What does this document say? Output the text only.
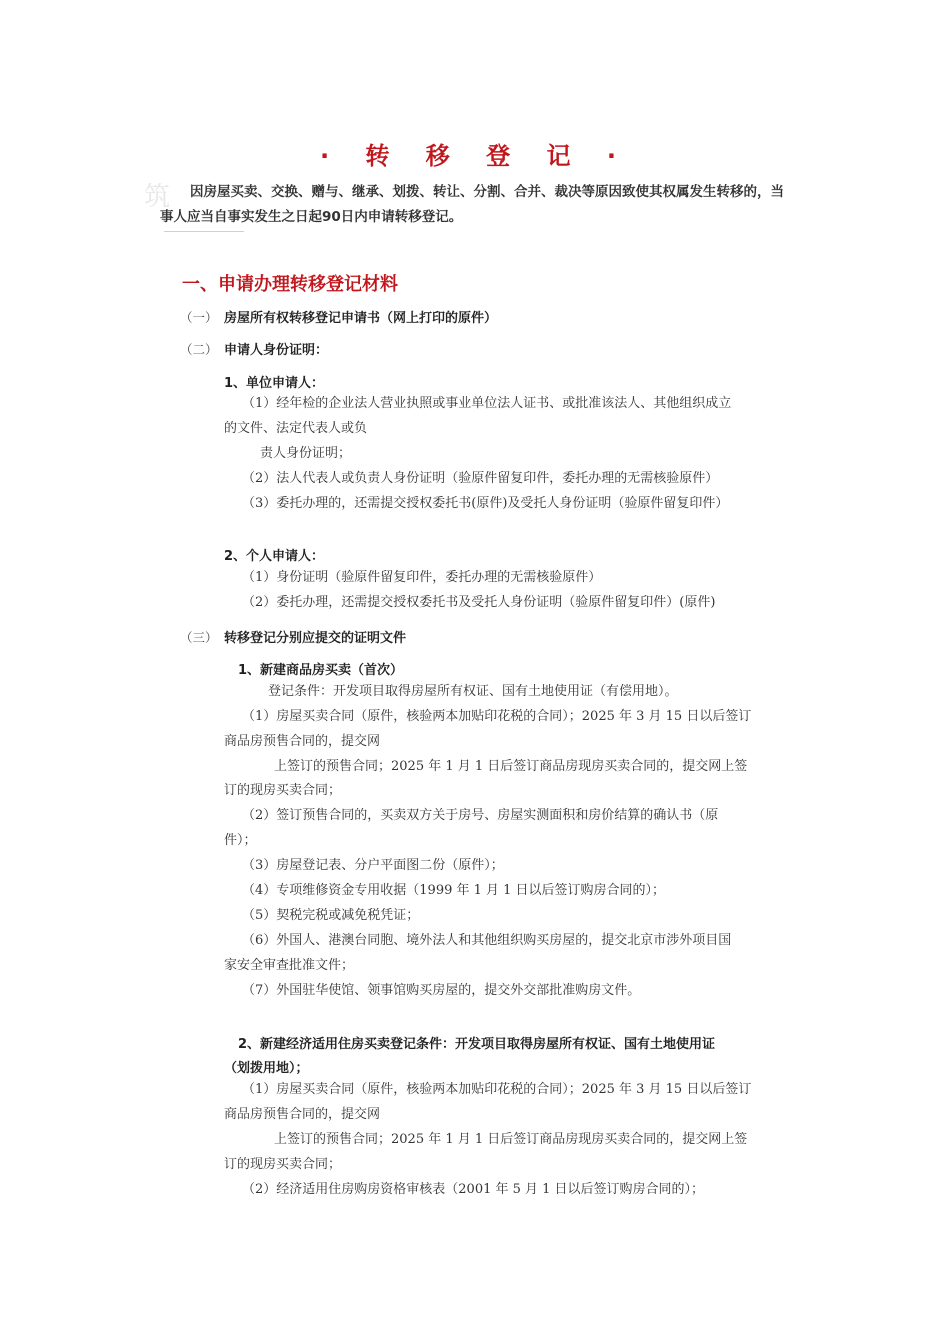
筑
· 转 移 登 记 ·

因房屋买卖、交换、赠与、继承、划拨、转让、分割、合并、裁决等原因致使其权属发生转移的，当事人应当自事实发生之日起90日内申请转移登记。

一、申请办理转移登记材料
（一） 房屋所有权转移登记申请书（网上打印的原件）
（二） 申请人身份证明：
1、单位申请人：
（1）经年检的企业法人营业执照或事业单位法人证书、或批准该法人、其他组织成立
的文件、法定代表人或负
责人身份证明；
（2）法人代表人或负责人身份证明（验原件留复印件，委托办理的无需核验原件）
（3）委托办理的，还需提交授权委托书(原件)及受托人身份证明（验原件留复印件）
2、个人申请人：
（1）身份证明（验原件留复印件，委托办理的无需核验原件）
（2）委托办理，还需提交授权委托书及受托人身份证明（验原件留复印件）(原件)
（三） 转移登记分别应提交的证明文件
1、新建商品房买卖（首次）
登记条件：开发项目取得房屋所有权证、国有土地使用证（有偿用地）。
（1）房屋买卖合同（原件，核验两本加贴印花税的合同）；2025 年 3 月 15 日以后签订
商品房预售合同的，提交网
上签订的预售合同；2025 年 1 月 1 日后签订商品房现房买卖合同的，提交网上签
订的现房买卖合同；
（2）签订预售合同的，买卖双方关于房号、房屋实测面积和房价结算的确认书（原
件）；
（3）房屋登记表、分户平面图二份（原件）；
（4）专项维修资金专用收据（1999 年 1 月 1 日以后签订购房合同的）；
（5）契税完税或减免税凭证；
（6）外国人、港澳台同胞、境外法人和其他组织购买房屋的，提交北京市涉外项目国
家安全审查批准文件；
（7）外国驻华使馆、领事馆购买房屋的，提交外交部批准购房文件。
2、新建经济适用住房买卖登记条件：开发项目取得房屋所有权证、国有土地使用证
（划拨用地）；
（1）房屋买卖合同（原件，核验两本加贴印花税的合同）；2025 年 3 月 15 日以后签订
商品房预售合同的，提交网
上签订的预售合同；2025 年 1 月 1 日后签订商品房现房买卖合同的，提交网上签
订的现房买卖合同；
（2）经济适用住房购房资格审核表（2001 年 5 月 1 日以后签订购房合同的）；
